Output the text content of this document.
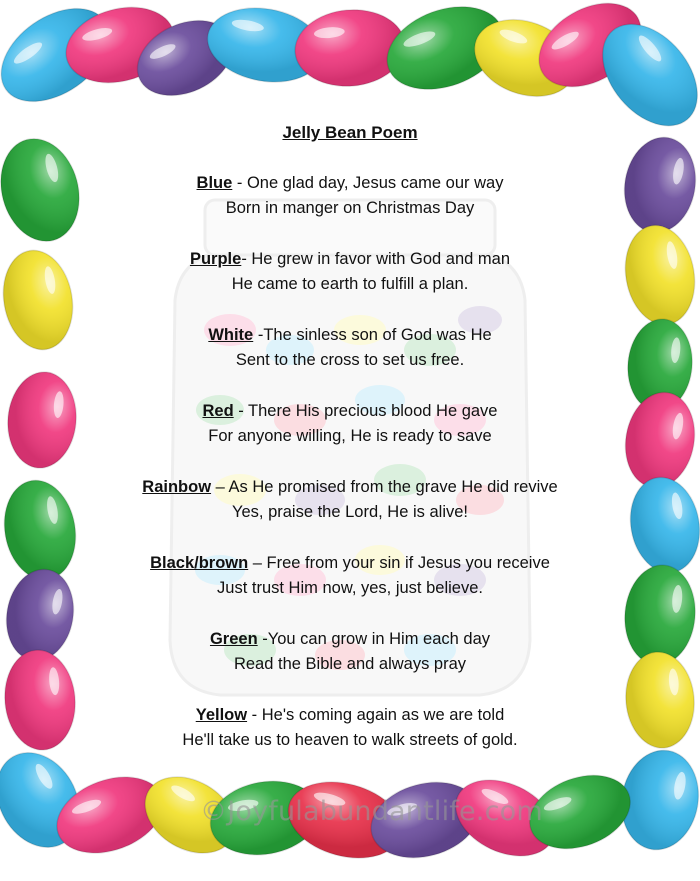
Jelly Bean Poem

Blue - One glad day, Jesus came our way

Born in manger on Christmas Day

Purple- He grew in favor with God and man

He came to earth to fulfill a plan.

White -The sinless son of God was He

Sent to the cross to set us free.

Red - There His precious blood He gave

For anyone willing, He is ready to save

Rainbow – As He promised from the grave He did revive

Yes, praise the Lord, He is alive!

Black/brown – Free from your sin if Jesus you receive

Just trust Him now, yes, just believe.

Green -You can grow in Him each day

Read the Bible and always pray

Yellow - He's coming again as we are told

He'll take us to heaven to walk streets of gold.

©Joyfulabundantlife.com
